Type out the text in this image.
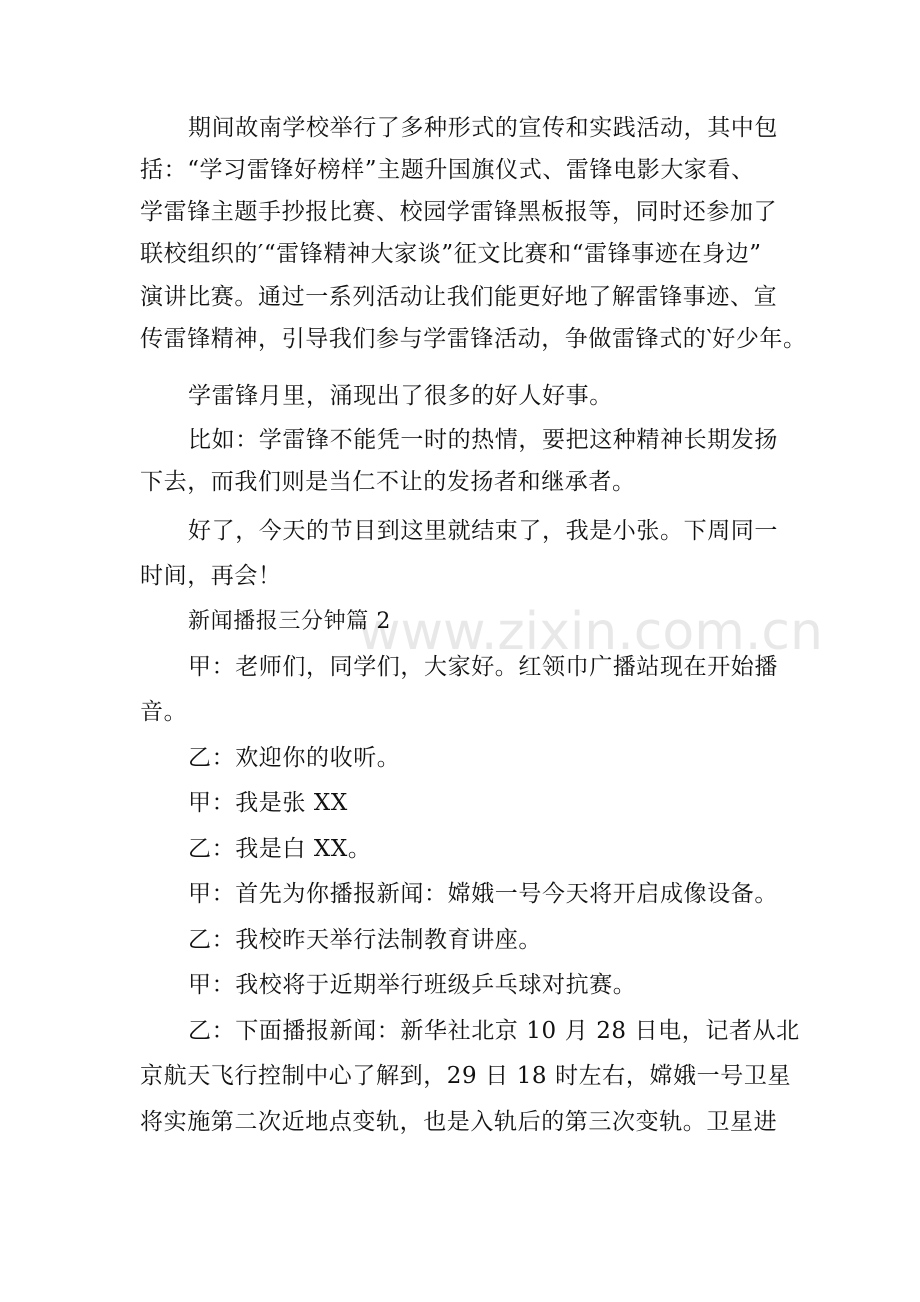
www.zixin.com.cn
期间故南学校举行了多种形式的宣传和实践活动，其中包
括：“学习雷锋好榜样”主题升国旗仪式、雷锋电影大家看、
学雷锋主题手抄报比赛、校园学雷锋黑板报等，同时还参加了
联校组织的′“雷锋精神大家谈”征文比赛和“雷锋事迹在身边”
演讲比赛。通过一系列活动让我们能更好地了解雷锋事迹、宣
传雷锋精神，引导我们参与学雷锋活动，争做雷锋式的‵好少年。
学雷锋月里，涌现出了很多的好人好事。
比如：学雷锋不能凭一时的热情，要把这种精神长期发扬
下去，而我们则是当仁不让的发扬者和继承者。
好了，今天的节目到这里就结束了，我是小张。下周同一
时间，再会！
新闻播报三分钟篇 2
甲：老师们，同学们，大家好。红领巾广播站现在开始播
音。
乙：欢迎你的收听。
甲：我是张 XX
乙：我是白 XX。
甲：首先为你播报新闻：嫦娥一号今天将开启成像设备。
乙：我校昨天举行法制教育讲座。
甲：我校将于近期举行班级乒乓球对抗赛。
乙：下面播报新闻：新华社北京 10 月 28 日电，记者从北
京航天飞行控制中心了解到，29 日 18 时左右，嫦娥一号卫星
将实施第二次近地点变轨，也是入轨后的第三次变轨。卫星进
